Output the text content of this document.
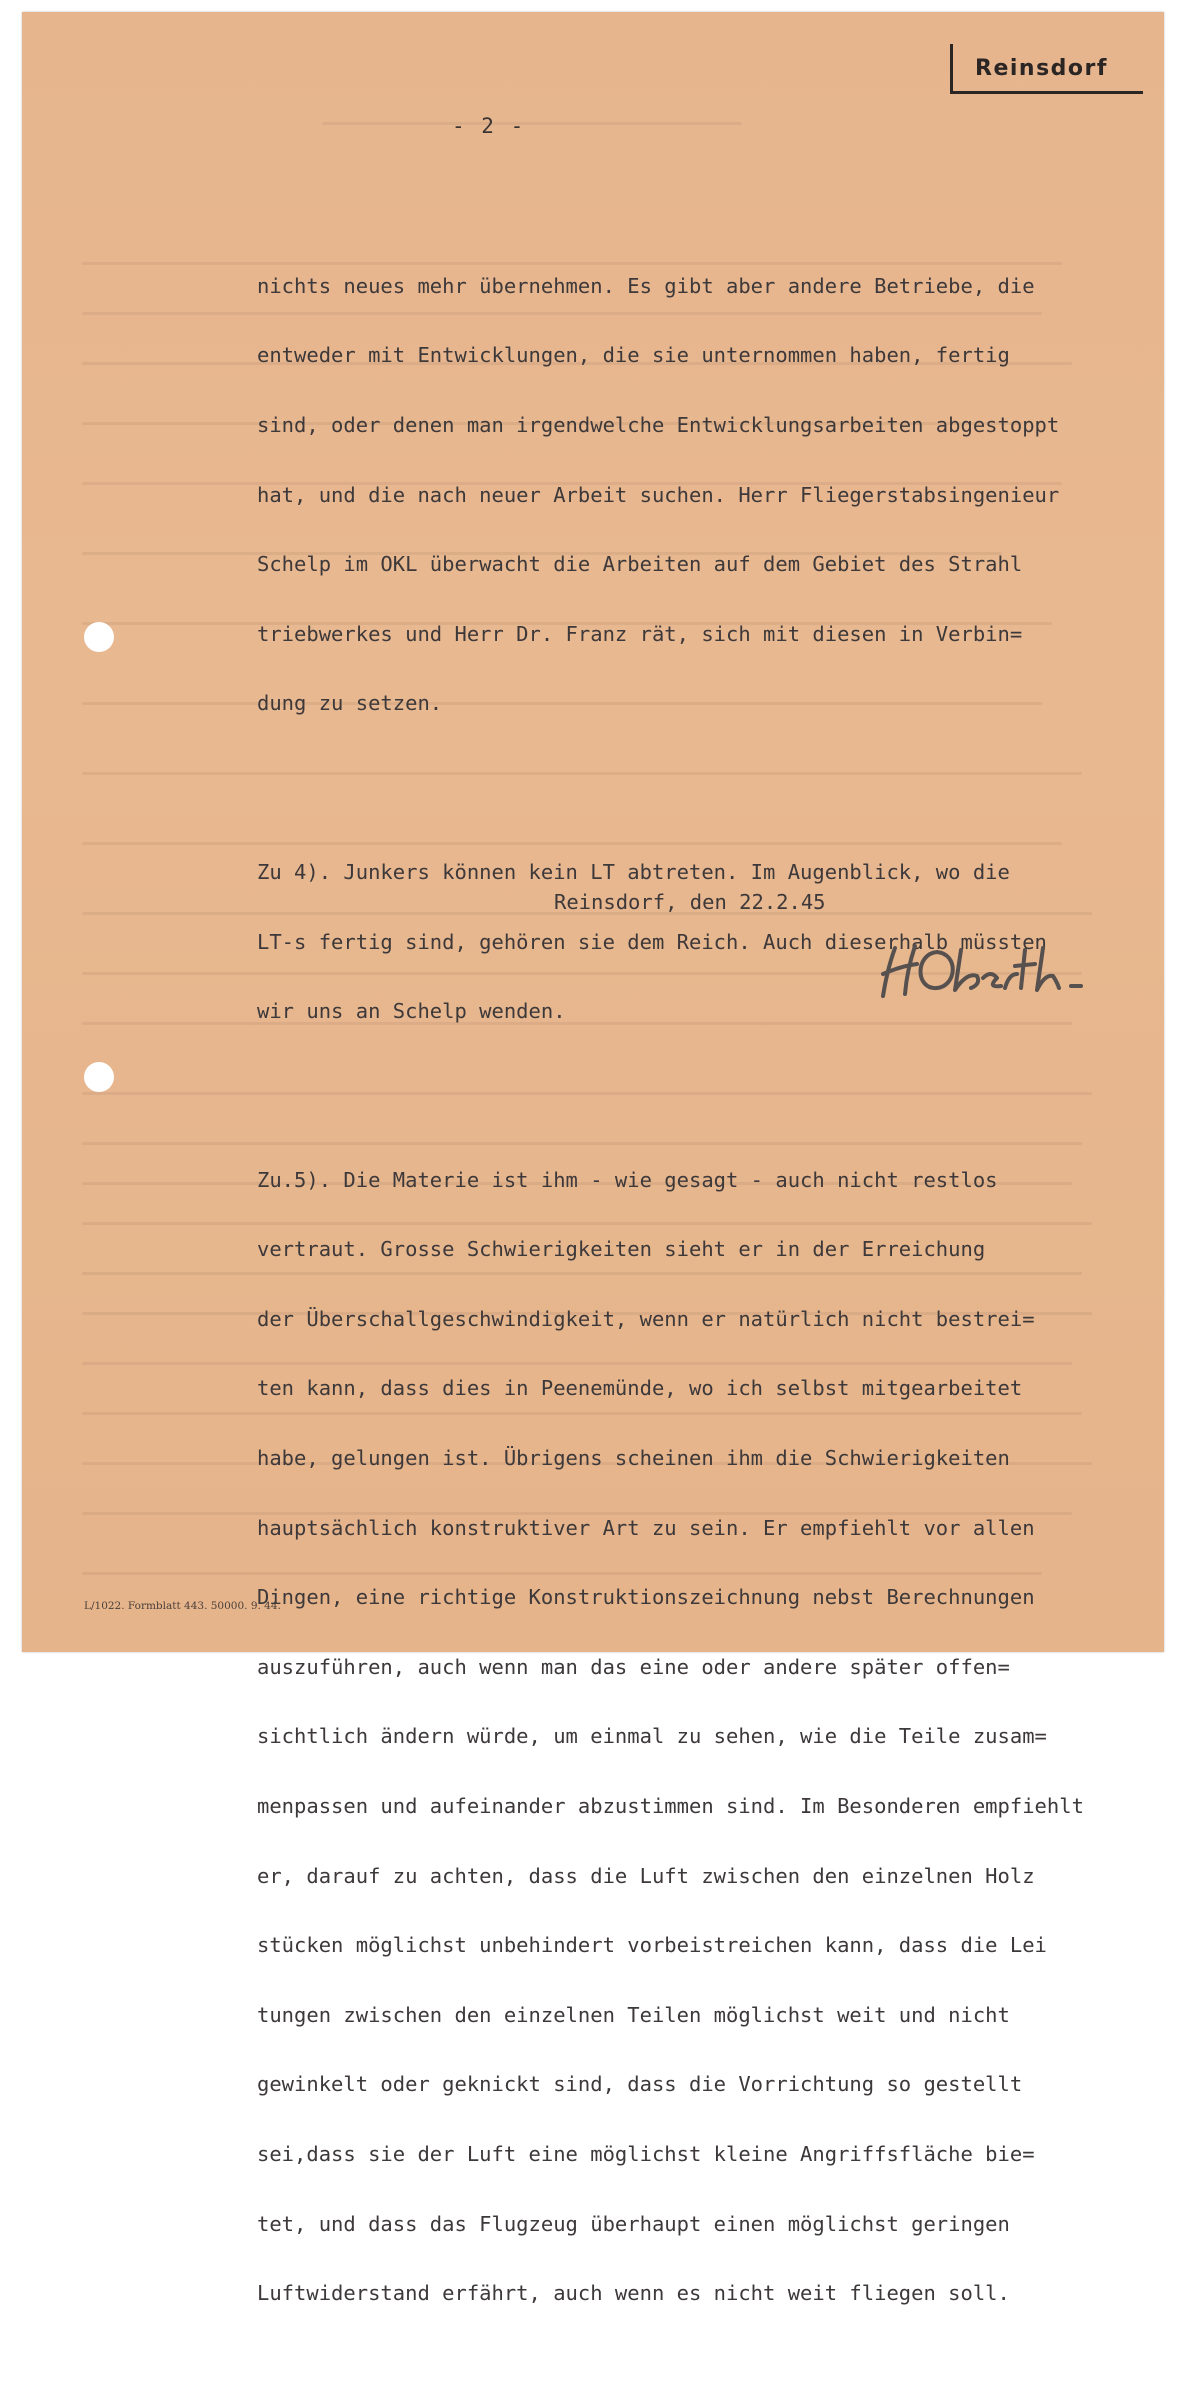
Reinsdorf
- 2 -

nichts neues mehr übernehmen. Es gibt aber andere Betriebe, die

entweder mit Entwicklungen, die sie unternommen haben, fertig

sind, oder denen man irgendwelche Entwicklungsarbeiten abgestoppt

hat, und die nach neuer Arbeit suchen. Herr Fliegerstabsingenieur

Schelp im OKL überwacht die Arbeiten auf dem Gebiet des Strahl

triebwerkes und Herr Dr. Franz rät, sich mit diesen in Verbin=

dung zu setzen.

Zu 4). Junkers können kein LT abtreten. Im Augenblick, wo die

LT-s fertig sind, gehören sie dem Reich. Auch dieserhalb müssten

wir uns an Schelp wenden.

Zu.5). Die Materie ist ihm - wie gesagt - auch nicht restlos

vertraut. Grosse Schwierigkeiten sieht er in der Erreichung

der Überschallgeschwindigkeit, wenn er natürlich nicht bestrei=

ten kann, dass dies in Peenemünde, wo ich selbst mitgearbeitet

habe, gelungen ist. Übrigens scheinen ihm die Schwierigkeiten

hauptsächlich konstruktiver Art zu sein. Er empfiehlt vor allen

Dingen, eine richtige Konstruktionszeichnung nebst Berechnungen

auszuführen, auch wenn man das eine oder andere später offen=

sichtlich ändern würde, um einmal zu sehen, wie die Teile zusam=

menpassen und aufeinander abzustimmen sind. Im Besonderen empfiehlt

er, darauf zu achten, dass die Luft zwischen den einzelnen Holz

stücken möglichst unbehindert vorbeistreichen kann, dass die Lei

tungen zwischen den einzelnen Teilen möglichst weit und nicht

gewinkelt oder geknickt sind, dass die Vorrichtung so gestellt

sei,dass sie der Luft eine möglichst kleine Angriffsfläche bie=

tet, und dass das Flugzeug überhaupt einen möglichst geringen

Luftwiderstand erfährt, auch wenn es nicht weit fliegen soll.

Reinsdorf, den 22.2.45
L/1022. Formblatt 443. 50000. 9. 44.
